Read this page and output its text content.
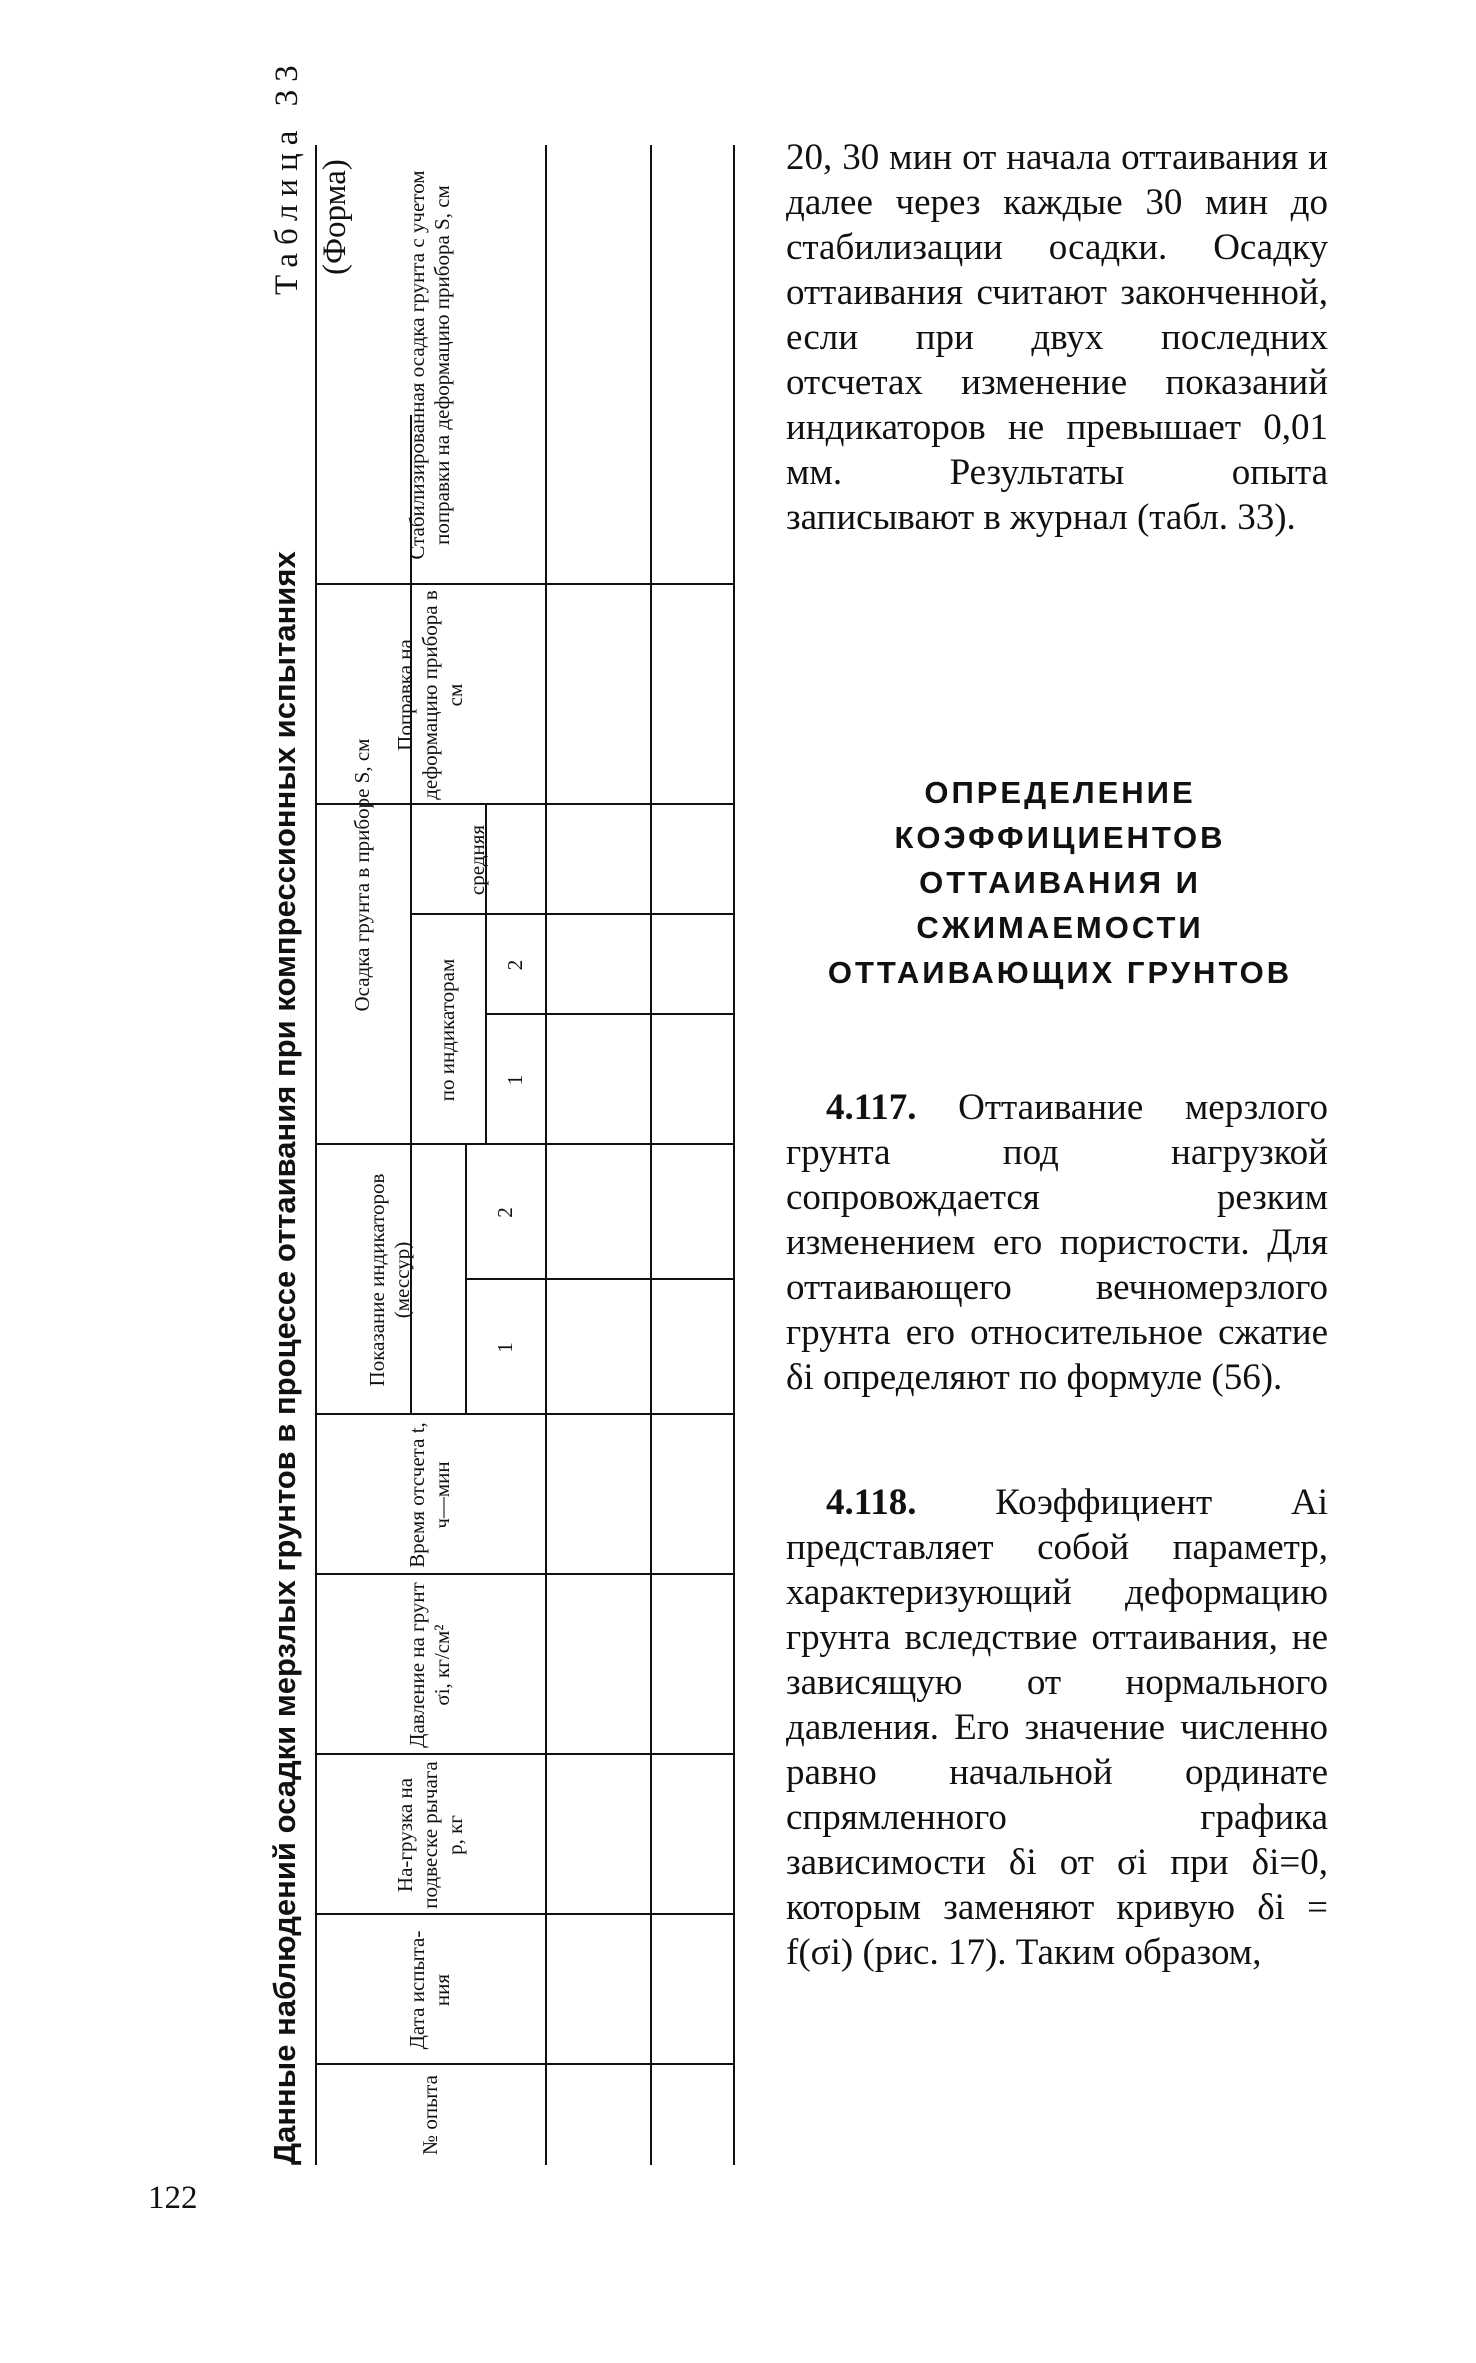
Данные наблюдений осадки мерзлых грунтов в процессе оттаивания при компрессионных испытаниях
Таблица 33 (Форма)
№ опыта
Дата испыта-ния
На-грузка на подвеске рычага p, кг
Давление на грунт σi, кг/см²
Время отсчета t, ч—мин
Показание индикаторов (мессур)
1
2
Осадка грунта в приборе S, см
по индикаторам 1
2
средняя
Поправка на деформацию прибора в см
Стабилизированная осадка грунта с учетом поправки на деформацию прибора S, см
20, 30 мин от начала оттаивания и далее через каждые 30 мин до стабилизации осадки. Осадку оттаивания считают законченной, если при двух последних отсчетах изменение показаний индикаторов не превышает 0,01 мм. Результаты опыта записывают в журнал (табл. 33).
ОПРЕДЕЛЕНИЕ КОЭФФИЦИЕНТОВ ОТТАИВАНИЯ И СЖИМАЕМОСТИ ОТТАИВАЮЩИХ ГРУНТОВ
4.117. Оттаивание мерзлого грунта под нагрузкой сопровождается резким изменением его пористости. Для оттаивающего вечномерзлого грунта его относительное сжатие δi определяют по формуле (56).
4.118. Коэффициент Ai представляет собой параметр, характеризующий деформацию грунта вследствие оттаивания, не зависящую от нормального давления. Его значение численно равно начальной ординате спрямленного графика зависимости δi от σi при δi=0, которым заменяют кривую δi = f(σi) (рис. 17). Таким образом,
122
